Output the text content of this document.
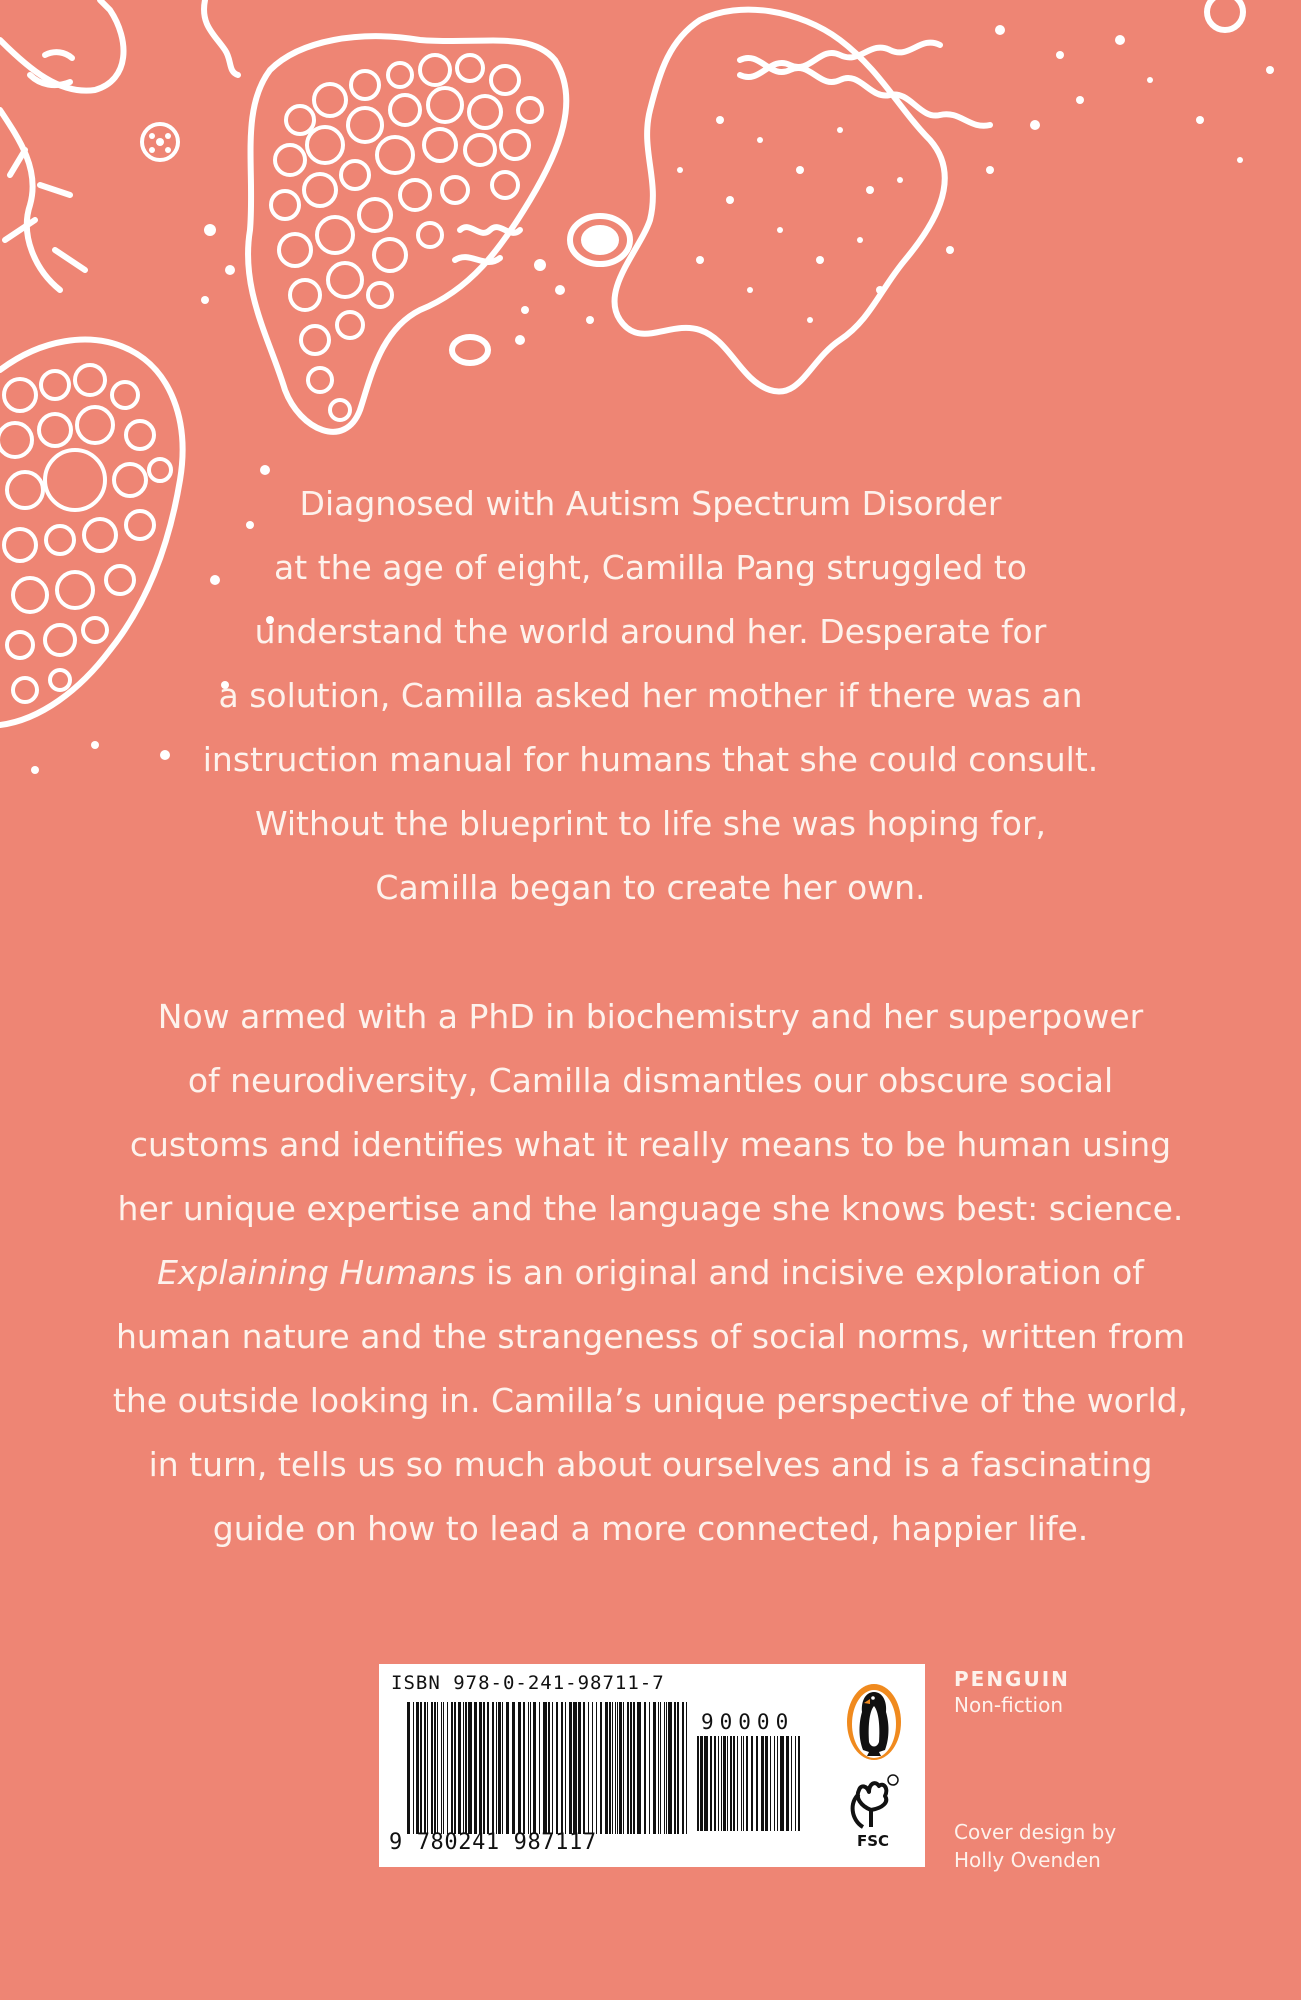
Diagnosed with Autism Spectrum Disorder

at the age of eight, Camilla Pang struggled to

understand the world around her. Desperate for

a solution, Camilla asked her mother if there was an

instruction manual for humans that she could consult.

Without the blueprint to life she was hoping for,

Camilla began to create her own.

Now armed with a PhD in biochemistry and her superpower

of neurodiversity, Camilla dismantles our obscure social

customs and identifies what it really means to be human using

her unique expertise and the language she knows best: science.

Explaining Humans is an original and incisive exploration of

human nature and the strangeness of social norms, written from

the outside looking in. Camilla’s unique perspective of the world,

in turn, tells us so much about ourselves and is a fascinating

guide on how to lead a more connected, happier life.

ISBN 978-0-241-98711-7
90000
9 780241 987117	FSC
PENGUIN
Non-fiction
Cover design by
Holly Ovenden
